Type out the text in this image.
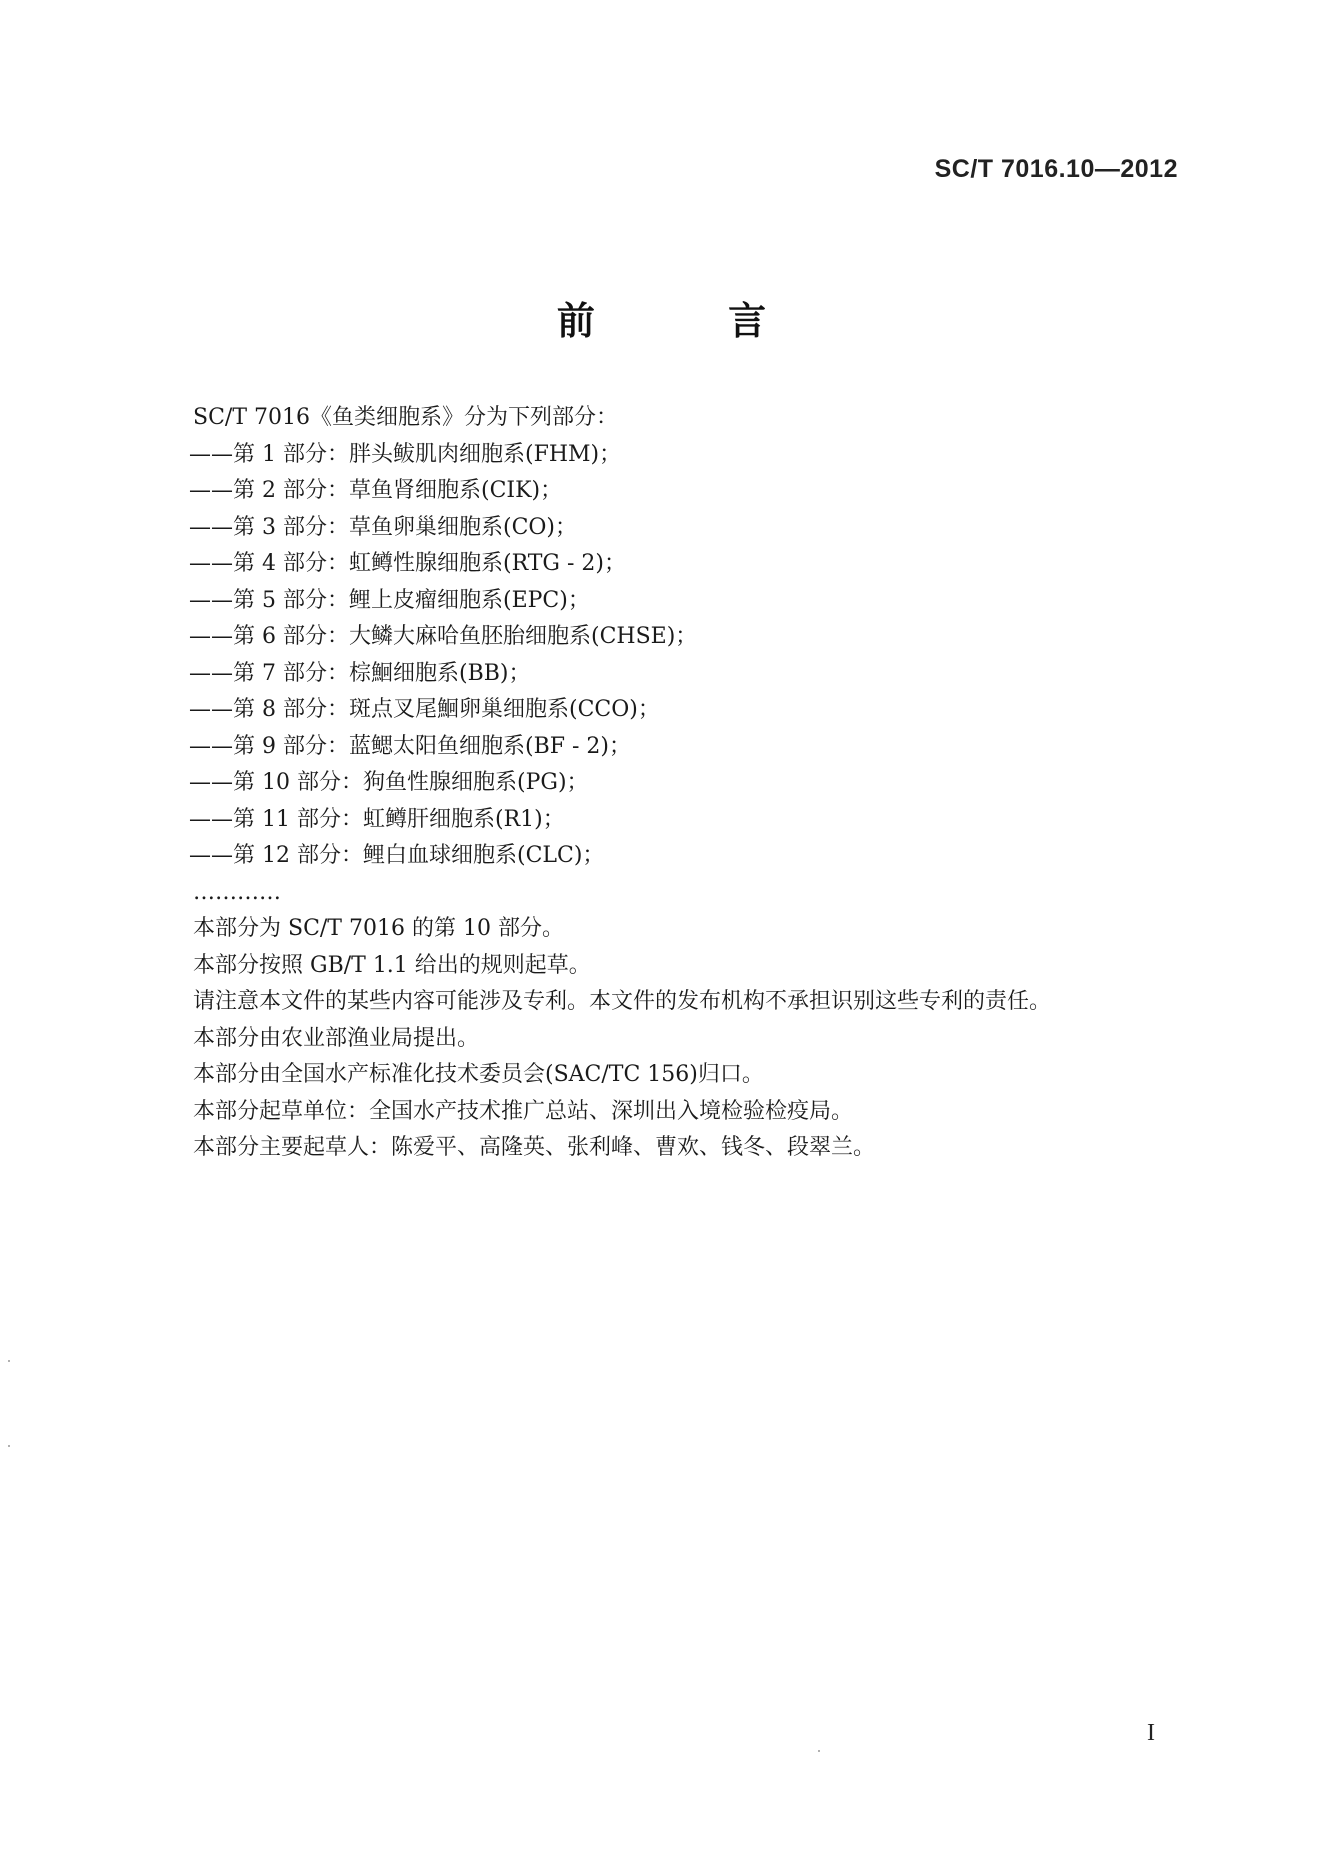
SC/T 7016.10—2012
前 言
SC/T 7016《鱼类细胞系》分为下列部分：
——第 1 部分：胖头鲅肌肉细胞系(FHM)；
——第 2 部分：草鱼肾细胞系(CIK)；
——第 3 部分：草鱼卵巢细胞系(CO)；
——第 4 部分：虹鳟性腺细胞系(RTG - 2)；
——第 5 部分：鲤上皮瘤细胞系(EPC)；
——第 6 部分：大鳞大麻哈鱼胚胎细胞系(CHSE)；
——第 7 部分：棕鮰细胞系(BB)；
——第 8 部分：斑点叉尾鮰卵巢细胞系(CCO)；
——第 9 部分：蓝鳃太阳鱼细胞系(BF - 2)；
——第 10 部分：狗鱼性腺细胞系(PG)；
——第 11 部分：虹鳟肝细胞系(R1)；
——第 12 部分：鲤白血球细胞系(CLC)；
…………
本部分为 SC/T 7016 的第 10 部分。
本部分按照 GB/T 1.1 给出的规则起草。
请注意本文件的某些内容可能涉及专利。本文件的发布机构不承担识别这些专利的责任。
本部分由农业部渔业局提出。
本部分由全国水产标准化技术委员会(SAC/TC 156)归口。
本部分起草单位：全国水产技术推广总站、深圳出入境检验检疫局。
本部分主要起草人：陈爱平、高隆英、张利峰、曹欢、钱冬、段翠兰。
I
